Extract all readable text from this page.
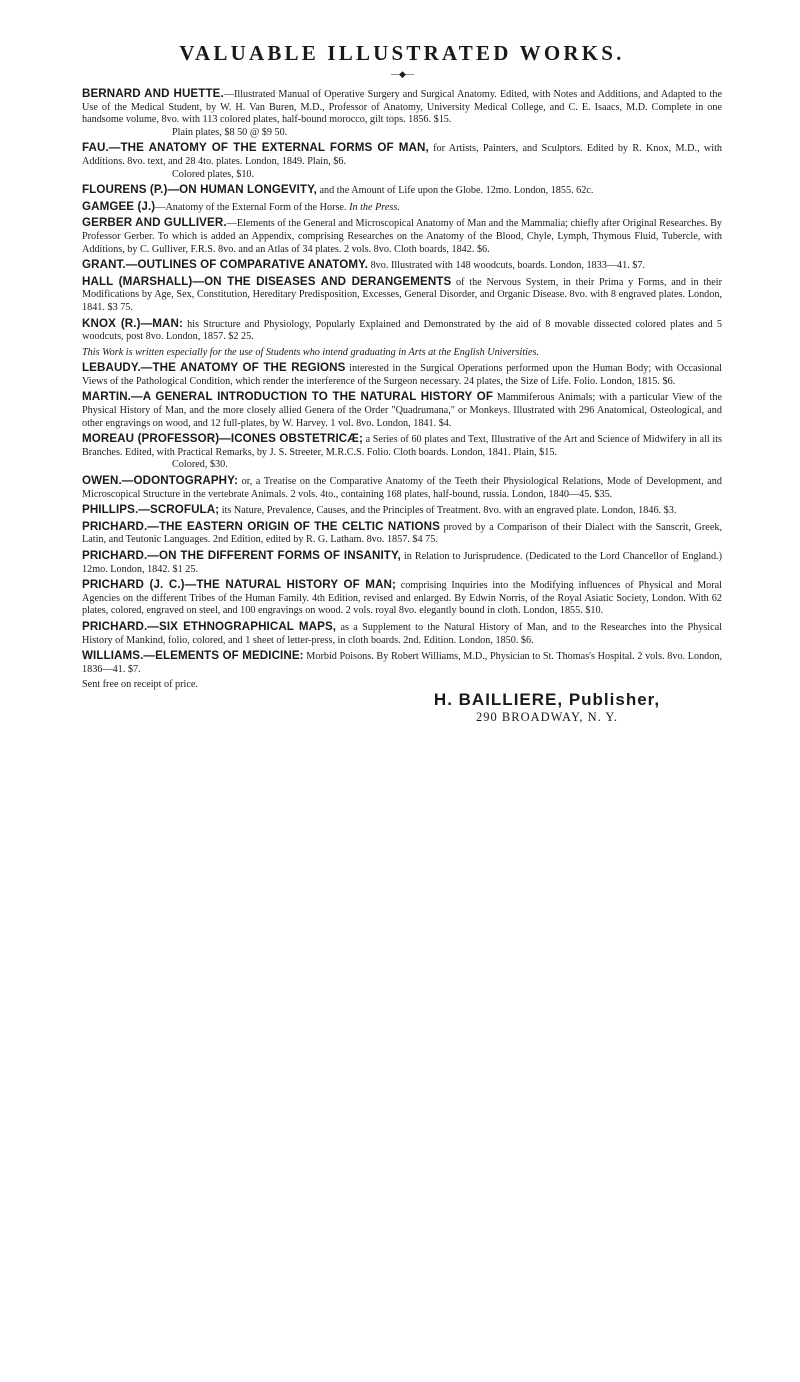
VALUABLE ILLUSTRATED WORKS.
—◆—

BERNARD AND HUETTE.—Illustrated Manual of Operative Surgery and Surgical Anatomy. Edited, with Notes and Additions, and Adapted to the Use of the Medical Student, by W. H. Van Buren, M.D., Professor of Anatomy, University Medical College, and C. E. Isaacs, M.D. Complete in one handsome volume, 8vo. with 113 colored plates, half-bound morocco, gilt tops. 1856. $15.
Plain plates, $8 50 @ $9 50.

FAU.—THE ANATOMY OF THE EXTERNAL FORMS OF MAN, for Artists, Painters, and Sculptors. Edited by R. Knox, M.D., with Additions. 8vo. text, and 28 4to. plates. London, 1849. Plain, $6.
Colored plates, $10.

FLOURENS (P.)—ON HUMAN LONGEVITY, and the Amount of Life upon the Globe. 12mo. London, 1855. 62c.

GAMGEE (J.)—Anatomy of the External Form of the Horse. In the Press.

GERBER AND GULLIVER.—Elements of the General and Microscopical Anatomy of Man and the Mammalia; chiefly after Original Researches. By Professor Gerber. To which is added an Appendix, comprising Researches on the Anatomy of the Blood, Chyle, Lymph, Thymous Fluid, Tubercle, with Additions, by C. Gulliver, F.R.S. 8vo. and an Atlas of 34 plates. 2 vols. 8vo. Cloth boards, 1842. $6.

GRANT.—OUTLINES OF COMPARATIVE ANATOMY. 8vo. Illustrated with 148 woodcuts, boards. London, 1833—41. $7.

HALL (MARSHALL)—ON THE DISEASES AND DERANGEMENTS of the Nervous System, in their Prima y Forms, and in their Modifications by Age, Sex, Constitution, Hereditary Predisposition, Excesses, General Disorder, and Organic Disease. 8vo. with 8 engraved plates. London, 1841. $3 75.

KNOX (R.)—MAN: his Structure and Physiology, Popularly Explained and Demonstrated by the aid of 8 movable dissected colored plates and 5 woodcuts, post 8vo. London, 1857. $2 25.

This Work is written especially for the use of Students who intend graduating in Arts at the English Universities.

LEBAUDY.—THE ANATOMY OF THE REGIONS interested in the Surgical Operations performed upon the Human Body; with Occasional Views of the Pathological Condition, which render the interference of the Surgeon necessary. 24 plates, the Size of Life. Folio. London, 1815. $6.

MARTIN.—A GENERAL INTRODUCTION TO THE NATURAL HISTORY OF Mammiferous Animals; with a particular View of the Physical History of Man, and the more closely allied Genera of the Order "Quadrumana," or Monkeys. Illustrated with 296 Anatomical, Osteological, and other engravings on wood, and 12 full-plates, by W. Harvey. 1 vol. 8vo. London, 1841. $4.

MOREAU (PROFESSOR)—ICONES OBSTETRICÆ; a Series of 60 plates and Text, Illustrative of the Art and Science of Midwifery in all its Branches. Edited, with Practical Remarks, by J. S. Streeter, M.R.C.S. Folio. Cloth boards. London, 1841. Plain, $15.
Colored, $30.

OWEN.—ODONTOGRAPHY: or, a Treatise on the Comparative Anatomy of the Teeth their Physiological Relations, Mode of Development, and Microscopical Structure in the vertebrate Animals. 2 vols. 4to., containing 168 plates, half-bound, russia. London, 1840—45. $35.

PHILLIPS.—SCROFULA; its Nature, Prevalence, Causes, and the Principles of Treatment. 8vo. with an engraved plate. London, 1846. $3.

PRICHARD.—THE EASTERN ORIGIN OF THE CELTIC NATIONS proved by a Comparison of their Dialect with the Sanscrit, Greek, Latin, and Teutonic Languages. 2nd Edition, edited by R. G. Latham. 8vo. 1857. $4 75.

PRICHARD.—ON THE DIFFERENT FORMS OF INSANITY, in Relation to Jurisprudence. (Dedicated to the Lord Chancellor of England.) 12mo. London, 1842. $1 25.

PRICHARD (J. C.)—THE NATURAL HISTORY OF MAN; comprising Inquiries into the Modifying influences of Physical and Moral Agencies on the different Tribes of the Human Family. 4th Edition, revised and enlarged. By Edwin Norris, of the Royal Asiatic Society, London. With 62 plates, colored, engraved on steel, and 100 engravings on wood. 2 vols. royal 8vo. elegantly bound in cloth. London, 1855. $10.

PRICHARD.—SIX ETHNOGRAPHICAL MAPS, as a Supplement to the Natural History of Man, and to the Researches into the Physical History of Mankind, folio, colored, and 1 sheet of letter-press, in cloth boards. 2nd. Edition. London, 1850. $6.

WILLIAMS.—ELEMENTS OF MEDICINE: Morbid Poisons. By Robert Williams, M.D., Physician to St. Thomas's Hospital. 2 vols. 8vo. London, 1836—41. $7.

Sent free on receipt of price.

H. BAILLIERE, Publisher,
290 BROADWAY, N. Y.
